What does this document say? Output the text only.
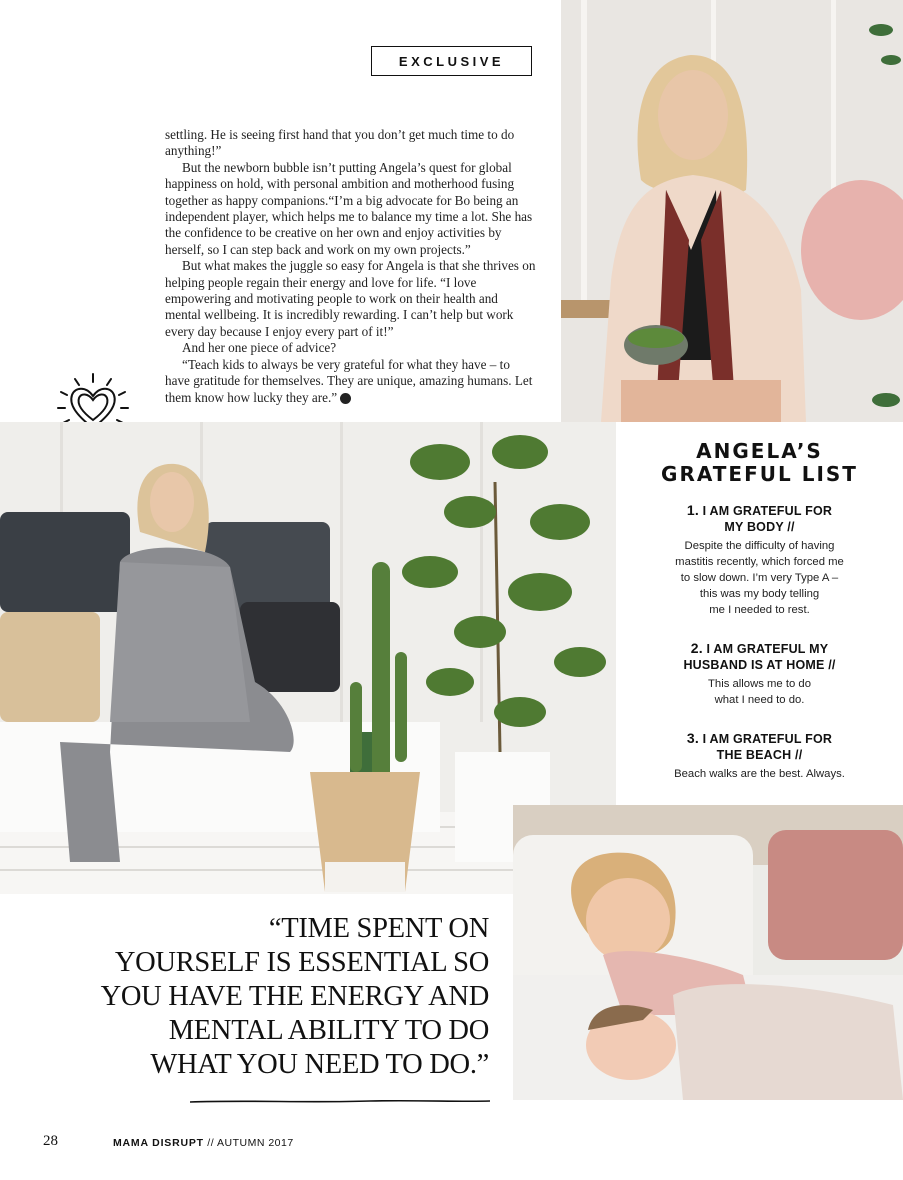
EXCLUSIVE

settling. He is seeing first hand that you don’t get much time to do anything!”

But the newborn bubble isn’t putting Angela’s quest for global happiness on hold, with personal ambition and motherhood fusing together as happy companions.“I’m a big advocate for Bo being an independent player, which helps me to balance my time a lot. She has the confidence to be creative on her own and enjoy activities by herself, so I can step back and work on my own projects.”

But what makes the juggle so easy for Angela is that she thrives on helping people regain their energy and love for life. “I love empowering and motivating people to work on their health and mental wellbeing. It is incredibly rewarding. I can’t help but work every day because I enjoy every part of it!”

And her one piece of advice?

“Teach kids to always be very grateful for what they have – to have gratitude for themselves. They are unique, amazing humans. Let them know how lucky they are.”

ANGELA’S
GRATEFUL LIST
1. I AM GRATEFUL FOR
MY BODY //
Despite the difficulty of having
mastitis recently, which forced me
to slow down. I’m very Type A –
this was my body telling
me I needed to rest.
2. I AM GRATEFUL MY
HUSBAND IS AT HOME //
This allows me to do
what I need to do.
3. I AM GRATEFUL FOR
THE BEACH //
Beach walks are the best. Always.
“TIME SPENT ON
YOURSELF IS ESSENTIAL SO
YOU HAVE THE ENERGY AND
MENTAL ABILITY TO DO
WHAT YOU NEED TO DO.”
28	MAMA DISRUPT // AUTUMN 2017
